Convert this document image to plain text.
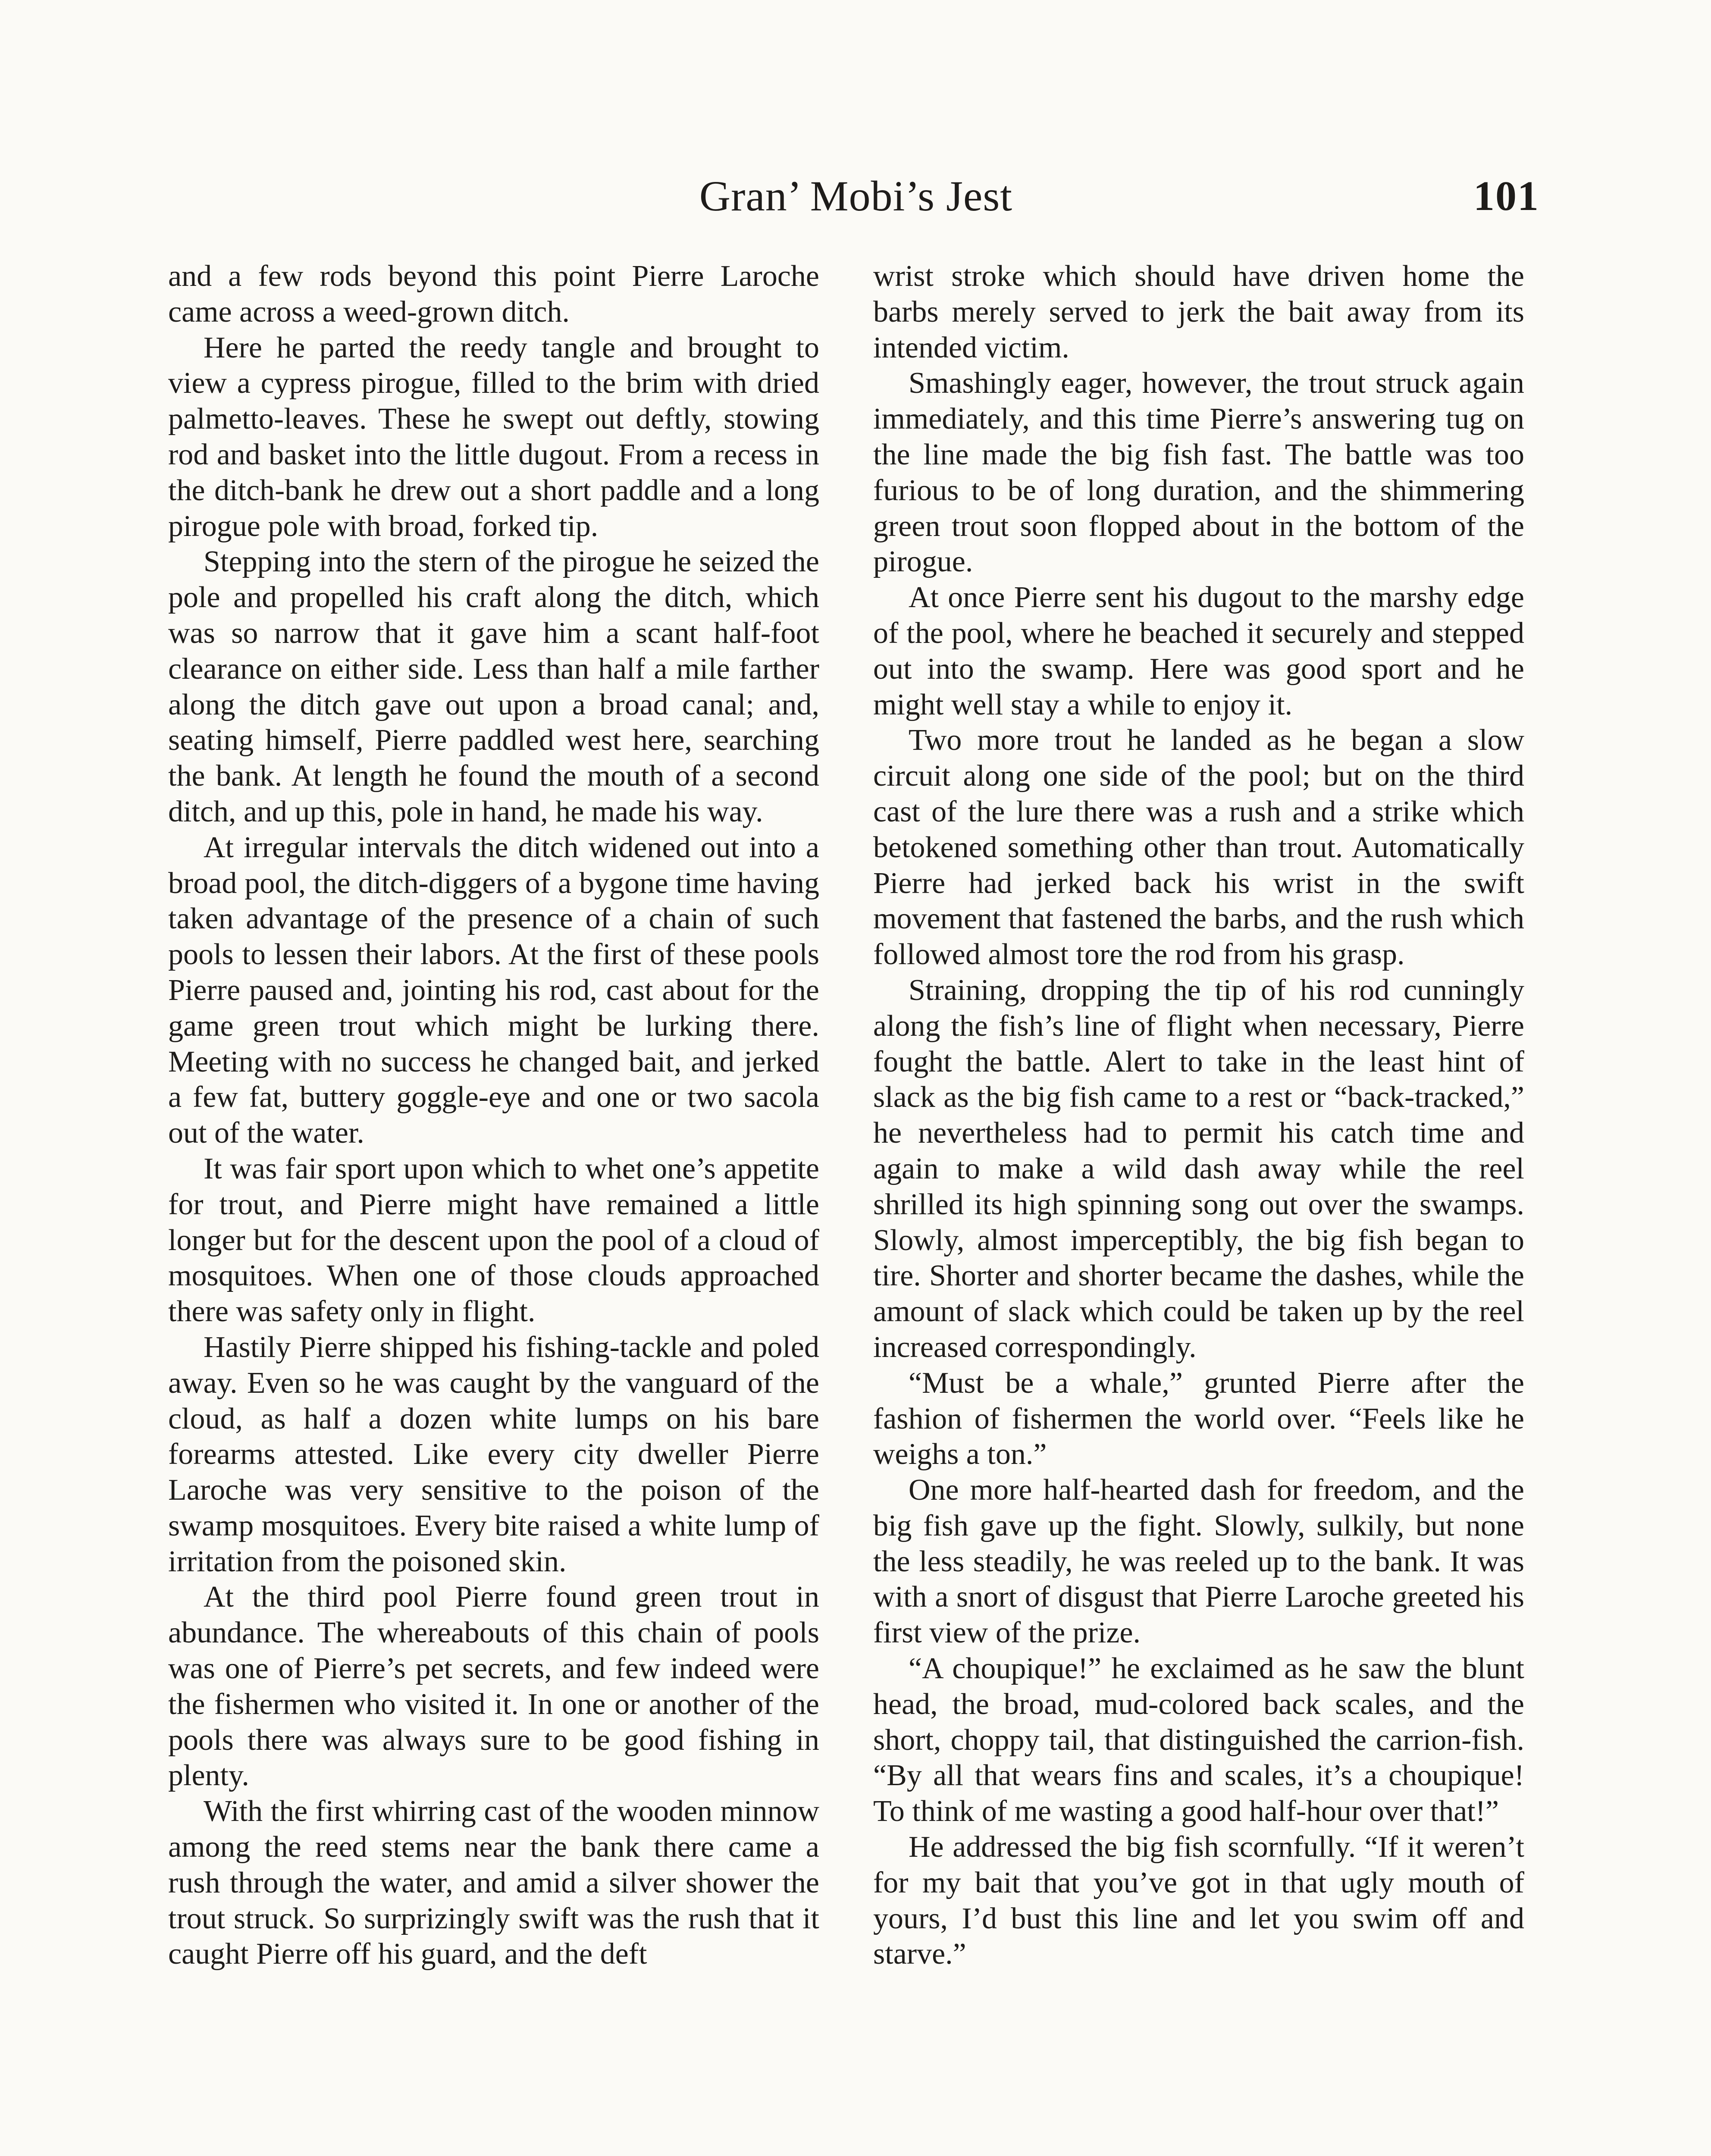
Gran’ Mobi’s Jest	101

and a few rods beyond this point Pierre Laroche came across a weed-grown ditch.

Here he parted the reedy tangle and brought to view a cypress pirogue, filled to the brim with dried palmetto-leaves. These he swept out deftly, stowing rod and basket into the little dugout. From a recess in the ditch-bank he drew out a short paddle and a long pirogue pole with broad, forked tip.

Stepping into the stern of the pirogue he seized the pole and propelled his craft along the ditch, which was so narrow that it gave him a scant half-foot clearance on either side. Less than half a mile farther along the ditch gave out upon a broad canal; and, seating himself, Pierre paddled west here, searching the bank. At length he found the mouth of a second ditch, and up this, pole in hand, he made his way.

At irregular intervals the ditch widened out into a broad pool, the ditch-diggers of a bygone time having taken advantage of the presence of a chain of such pools to lessen their labors. At the first of these pools Pierre paused and, jointing his rod, cast about for the game green trout which might be lurking there. Meeting with no success he changed bait, and jerked a few fat, buttery goggle-eye and one or two sacola out of the water.

It was fair sport upon which to whet one’s appetite for trout, and Pierre might have remained a little longer but for the descent upon the pool of a cloud of mosquitoes. When one of those clouds approached there was safety only in flight.

Hastily Pierre shipped his fishing-tackle and poled away. Even so he was caught by the vanguard of the cloud, as half a dozen white lumps on his bare forearms attested. Like every city dweller Pierre Laroche was very sensitive to the poison of the swamp mosquitoes. Every bite raised a white lump of irritation from the poisoned skin.

At the third pool Pierre found green trout in abundance. The whereabouts of this chain of pools was one of Pierre’s pet secrets, and few indeed were the fishermen who visited it. In one or another of the pools there was always sure to be good fishing in plenty.

With the first whirring cast of the wooden minnow among the reed stems near the bank there came a rush through the water, and amid a silver shower the trout struck. So surprizingly swift was the rush that it caught Pierre off his guard, and the deft

wrist stroke which should have driven home the barbs merely served to jerk the bait away from its intended victim.

Smashingly eager, however, the trout struck again immediately, and this time Pierre’s answering tug on the line made the big fish fast. The battle was too furious to be of long duration, and the shimmering green trout soon flopped about in the bottom of the pirogue.

At once Pierre sent his dugout to the marshy edge of the pool, where he beached it securely and stepped out into the swamp. Here was good sport and he might well stay a while to enjoy it.

Two more trout he landed as he began a slow circuit along one side of the pool; but on the third cast of the lure there was a rush and a strike which betokened something other than trout. Automatically Pierre had jerked back his wrist in the swift movement that fastened the barbs, and the rush which followed almost tore the rod from his grasp.

Straining, dropping the tip of his rod cunningly along the fish’s line of flight when necessary, Pierre fought the battle. Alert to take in the least hint of slack as the big fish came to a rest or “back-tracked,” he nevertheless had to permit his catch time and again to make a wild dash away while the reel shrilled its high spinning song out over the swamps. Slowly, almost imperceptibly, the big fish began to tire. Shorter and shorter became the dashes, while the amount of slack which could be taken up by the reel increased correspondingly.

“Must be a whale,” grunted Pierre after the fashion of fishermen the world over. “Feels like he weighs a ton.”

One more half-hearted dash for freedom, and the big fish gave up the fight. Slowly, sulkily, but none the less steadily, he was reeled up to the bank. It was with a snort of disgust that Pierre Laroche greeted his first view of the prize.

“A choupique!” he exclaimed as he saw the blunt head, the broad, mud-colored back scales, and the short, choppy tail, that distinguished the carrion-fish. “By all that wears fins and scales, it’s a choupique! To think of me wasting a good half-hour over that!”

He addressed the big fish scornfully. “If it weren’t for my bait that you’ve got in that ugly mouth of yours, I’d bust this line and let you swim off and starve.”
